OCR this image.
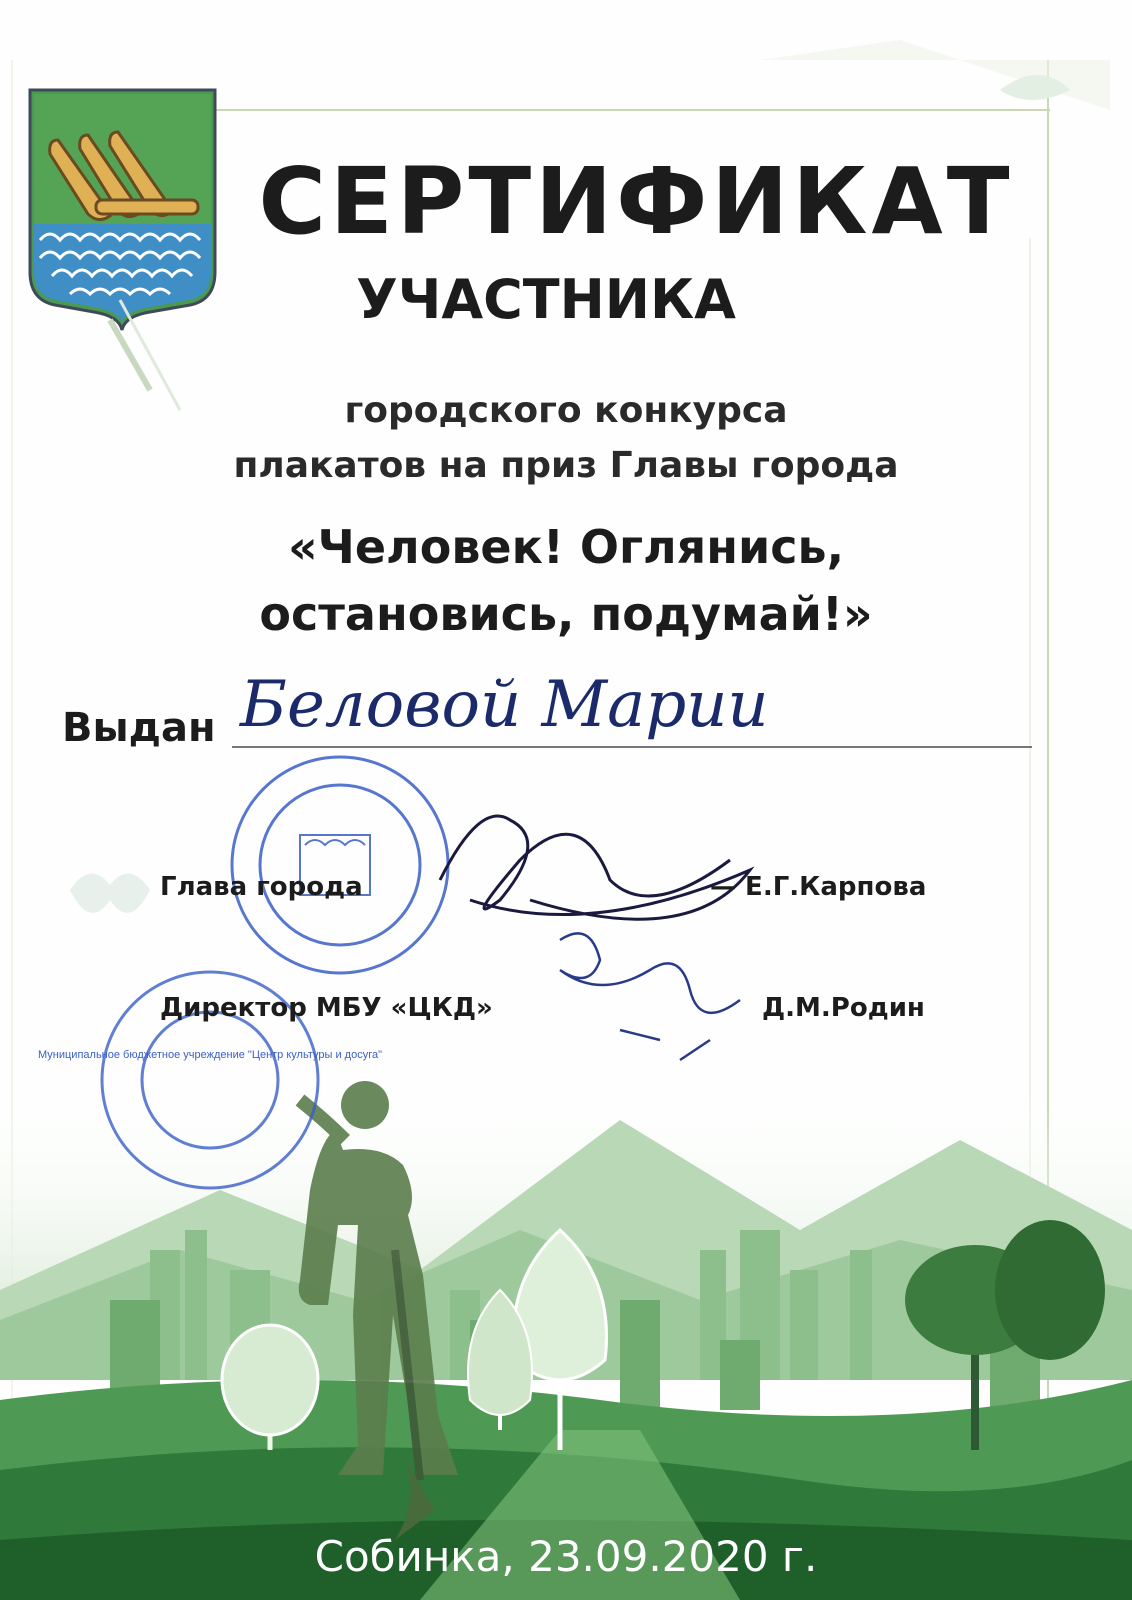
Муниципальное бюджетное учреждение "Центр культуры и досуга"
СЕРТИФИКАТ
УЧАСТНИКА
городского конкурса
плакатов на приз Главы города
«Человек! Оглянись,
остановись, подумай!»
Выдан Беловой Марии
Глава города	— Е.Г.Карпова
Директор МБУ «ЦКД»	Д.М.Родин
Собинка, 23.09.2020 г.
